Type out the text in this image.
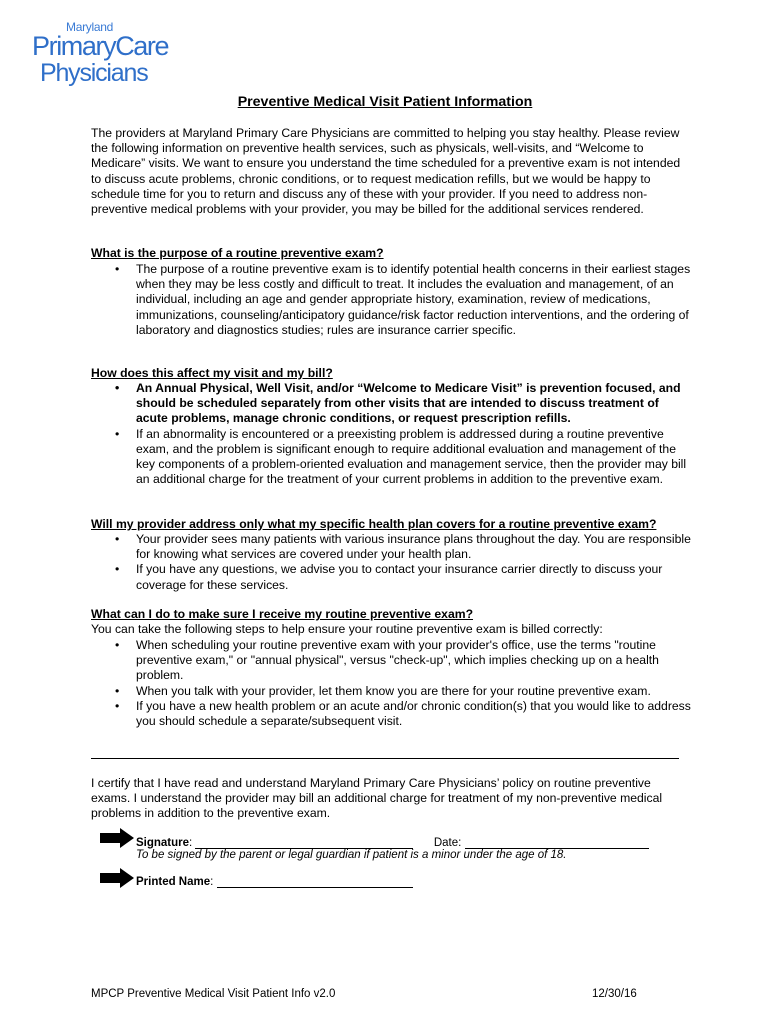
Maryland
PrimaryCare
Physicians
Preventive Medical Visit Patient Information

The providers at Maryland Primary Care Physicians are committed to helping you stay healthy. Please review the following information on preventive health services, such as physicals, well-visits, and “Welcome to Medicare” visits. We want to ensure you understand the time scheduled for a preventive exam is not intended to discuss acute problems, chronic conditions, or to request medication refills, but we would be happy to schedule time for you to return and discuss any of these with your provider. If you need to address non-preventive medical problems with your provider, you may be billed for the additional services rendered.

What is the purpose of a routine preventive exam?

• The purpose of a routine preventive exam is to identify potential health concerns in their earliest stages when they may be less costly and difficult to treat. It includes the evaluation and management, of an individual, including an age and gender appropriate history, examination, review of medications, immunizations, counseling/anticipatory guidance/risk factor reduction interventions, and the ordering of laboratory and diagnostics studies; rules are insurance carrier specific.

How does this affect my visit and my bill?

• An Annual Physical, Well Visit, and/or “Welcome to Medicare Visit” is prevention focused, and should be scheduled separately from other visits that are intended to discuss treatment of acute problems, manage chronic conditions, or request prescription refills.
• If an abnormality is encountered or a preexisting problem is addressed during a routine preventive exam, and the problem is significant enough to require additional evaluation and management of the key components of a problem-oriented evaluation and management service, then the provider may bill an additional charge for the treatment of your current problems in addition to the preventive exam.

Will my provider address only what my specific health plan covers for a routine preventive exam?

• Your provider sees many patients with various insurance plans throughout the day. You are responsible for knowing what services are covered under your health plan.
• If you have any questions, we advise you to contact your insurance carrier directly to discuss your coverage for these services.

What can I do to make sure I receive my routine preventive exam?

You can take the following steps to help ensure your routine preventive exam is billed correctly:

• When scheduling your routine preventive exam with your provider's office, use the terms "routine preventive exam," or "annual physical", versus "check-up", which implies checking up on a health problem.
• When you talk with your provider, let them know you are there for your routine preventive exam.
• If you have a new health problem or an acute and/or chronic condition(s) that you would like to address you should schedule a separate/subsequent visit.

I certify that I have read and understand Maryland Primary Care Physicians’ policy on routine preventive exams. I understand the provider may bill an additional charge for treatment of my non-preventive medical problems in addition to the preventive exam.

Signature:	Date:
To be signed by the parent or legal guardian if patient is a minor under the age of 18.
Printed Name:
MPCP Preventive Medical Visit Patient Info v2.0	12/30/16
